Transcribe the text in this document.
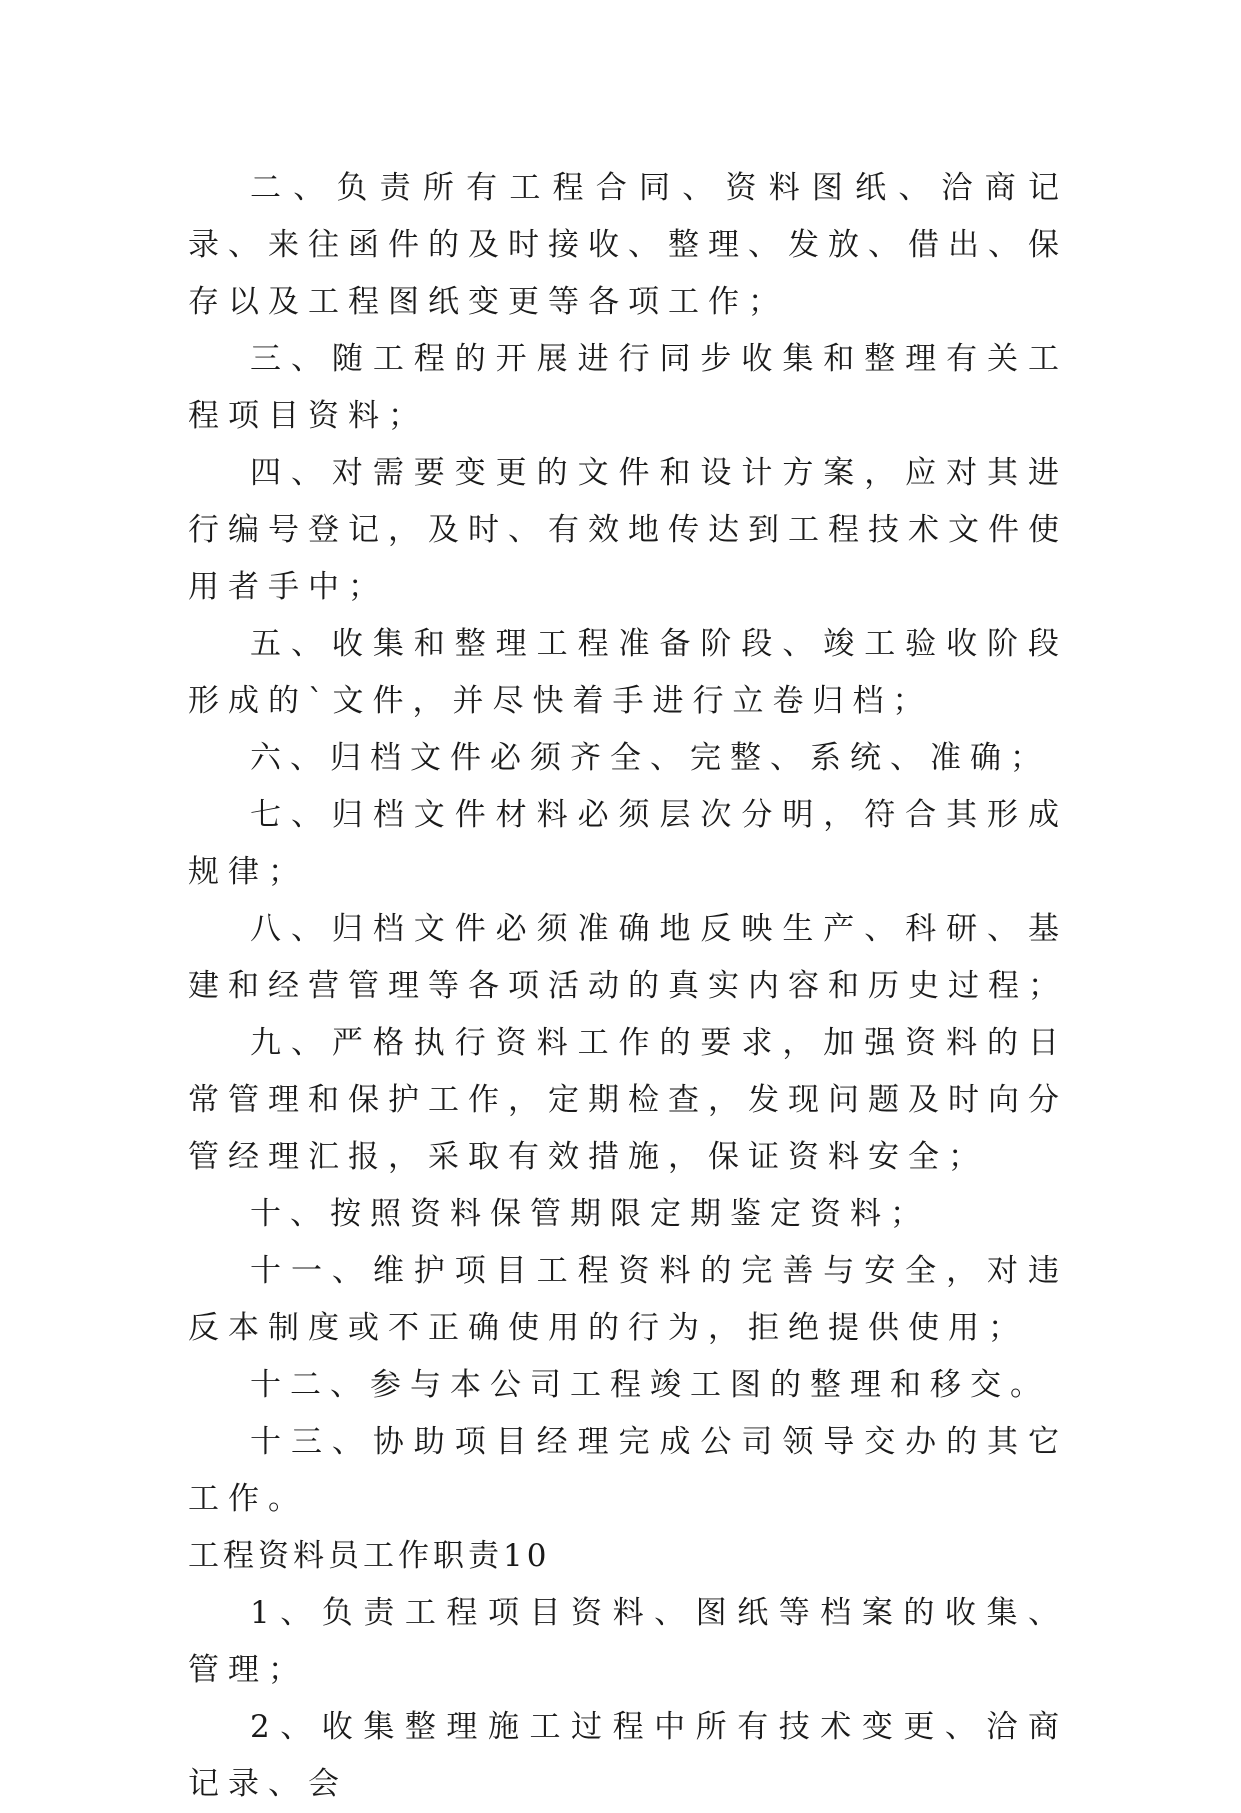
二、负责所有工程合同、资料图纸、洽商记录、来往函件的及时接收、整理、发放、借出、保存以及工程图纸变更等各项工作；

三、随工程的开展进行同步收集和整理有关工程项目资料；

四、对需要变更的文件和设计方案，应对其进行编号登记，及时、有效地传达到工程技术文件使用者手中；

五、收集和整理工程准备阶段、竣工验收阶段形成的`文件，并尽快着手进行立卷归档；

六、归档文件必须齐全、完整、系统、准确；

七、归档文件材料必须层次分明，符合其形成规律；

八、归档文件必须准确地反映生产、科研、基建和经营管理等各项活动的真实内容和历史过程；

九、严格执行资料工作的要求，加强资料的日常管理和保护工作，定期检查，发现问题及时向分管经理汇报，采取有效措施，保证资料安全；

十、按照资料保管期限定期鉴定资料；

十一、维护项目工程资料的完善与安全，对违反本制度或不正确使用的行为，拒绝提供使用；

十二、参与本公司工程竣工图的整理和移交。

十三、协助项目经理完成公司领导交办的其它工作。

工程资料员工作职责10

1、负责工程项目资料、图纸等档案的收集、管理；

2、收集整理施工过程中所有技术变更、洽商记录、会
